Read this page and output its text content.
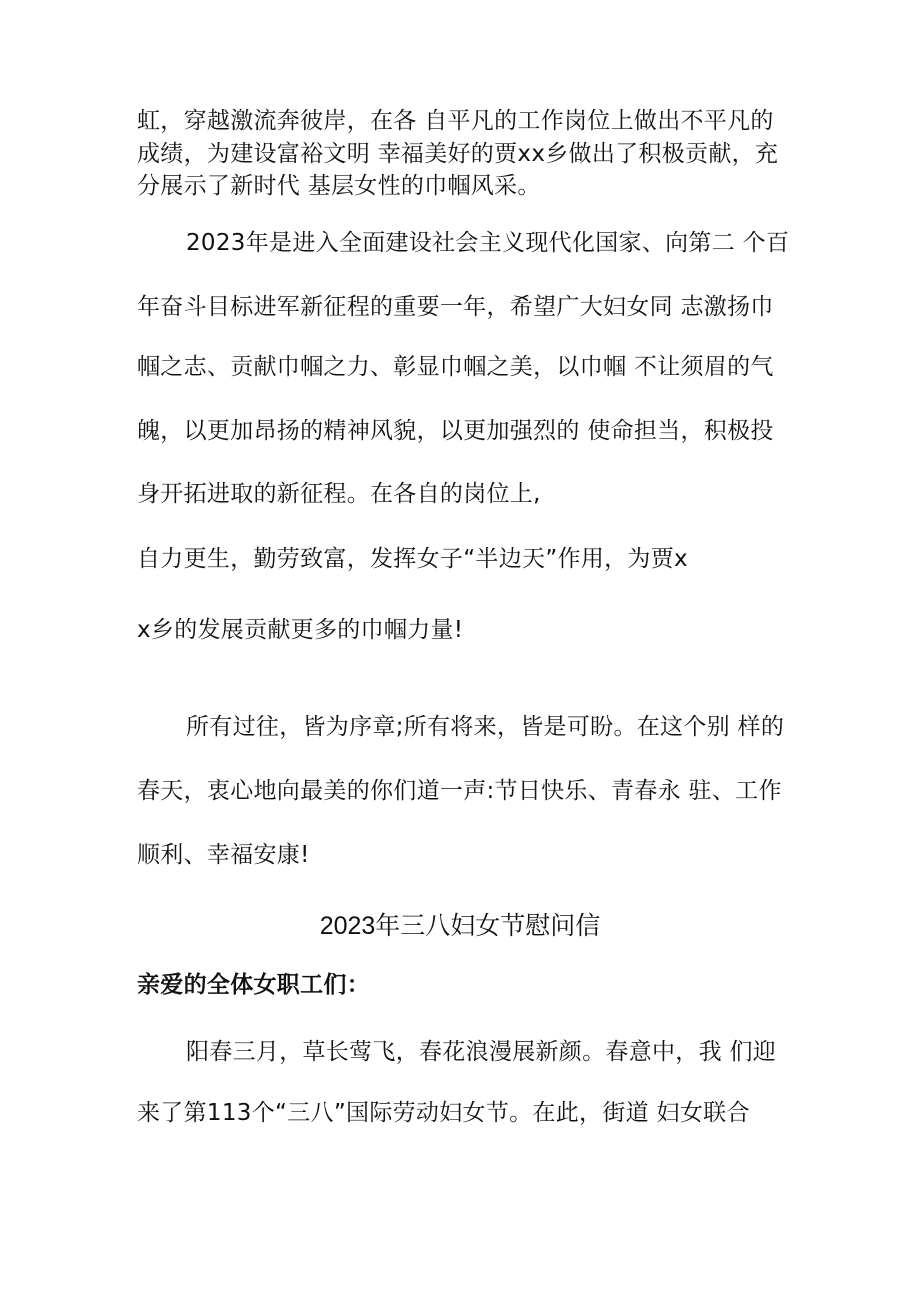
虹，穿越激流奔彼岸，在各 自平凡的工作岗位上做出不平凡的
成绩，为建设富裕文明 幸福美好的贾xx乡做出了积极贡献，充
分展示了新时代 基层女性的巾帼风采。
2023年是进入全面建设社会主义现代化国家、向第二 个百
年奋斗目标进军新征程的重要一年，希望广大妇女同 志激扬巾
帼之志、贡献巾帼之力、彰显巾帼之美，以巾帼 不让须眉的气
魄，以更加昂扬的精神风貌，以更加强烈的 使命担当，积极投
身开拓进取的新征程。在各自的岗位上,
自力更生，勤劳致富，发挥女子“半边天”作用，为贾x
x乡的发展贡献更多的巾帼力量!
所有过往，皆为序章;所有将来，皆是可盼。在这个别 样的
春天，衷心地向最美的你们道一声:节日快乐、青春永 驻、工作
顺利、幸福安康!
2023年三八妇女节慰问信
亲爱的全体女职工们：
阳春三月，草长莺飞，春花浪漫展新颜。春意中，我 们迎
来了第113个“三八”国际劳动妇女节。在此，街道 妇女联合
